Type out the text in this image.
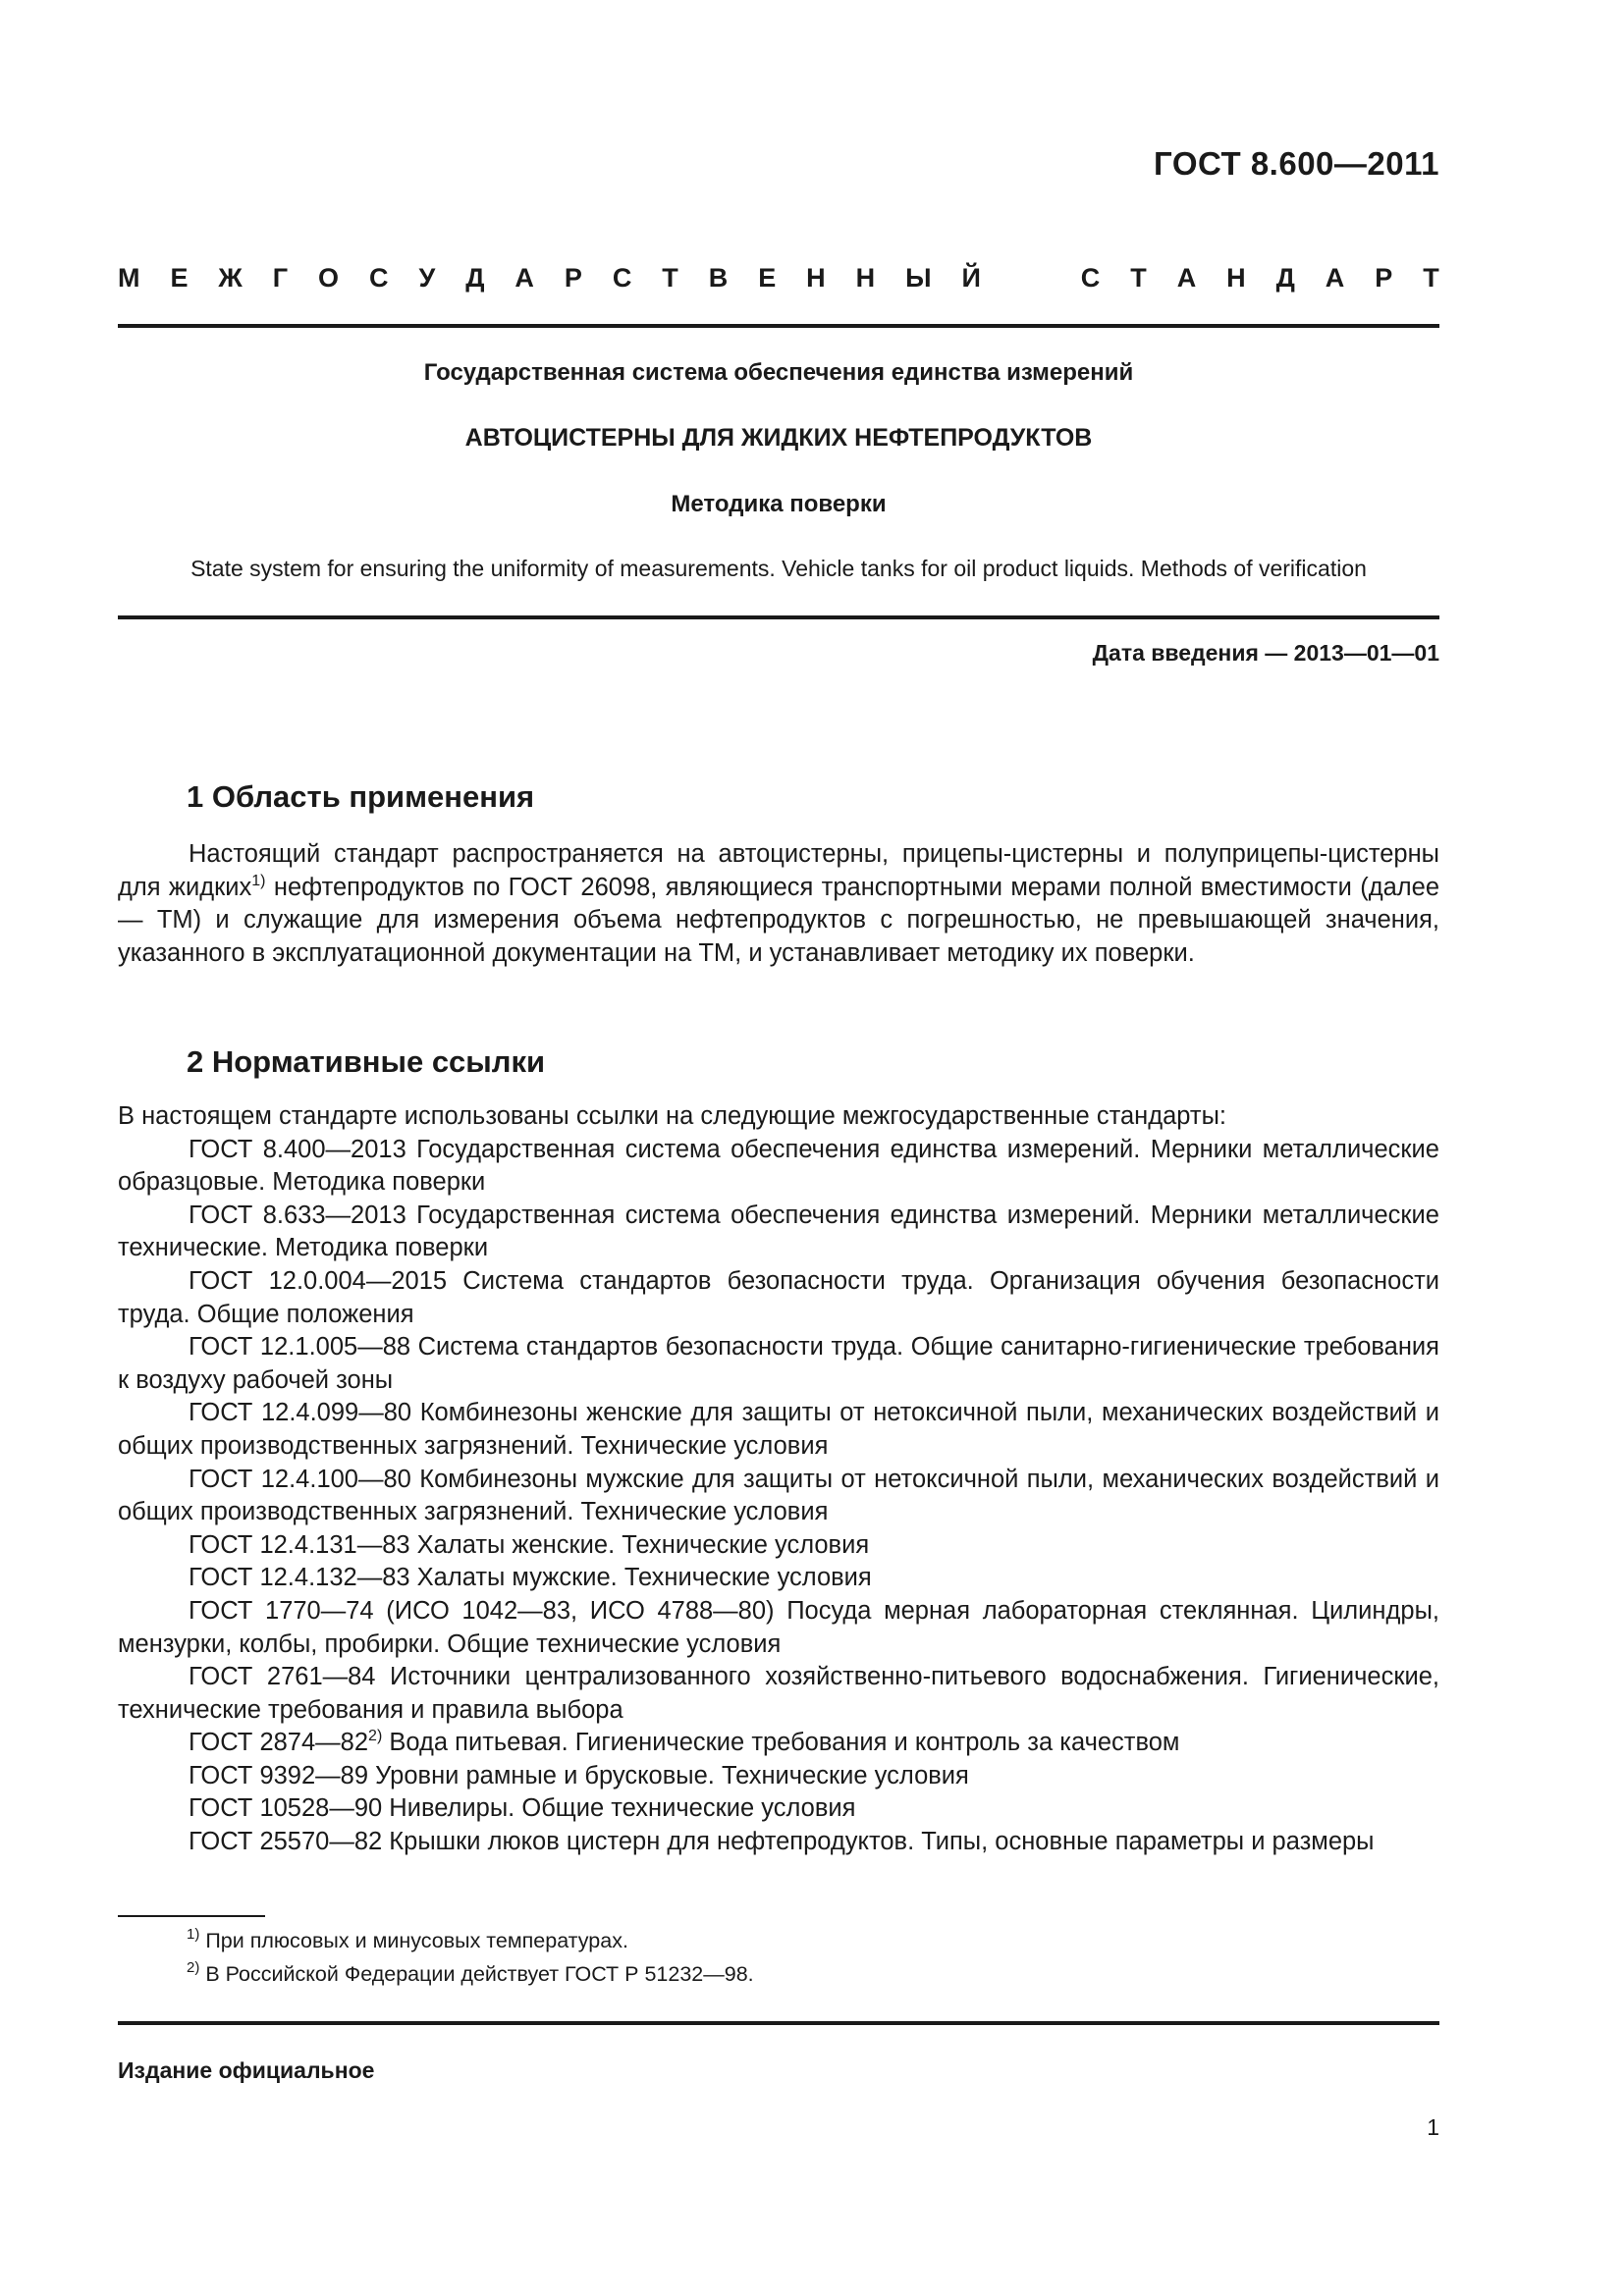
ГОСТ 8.600—2011
М Е Ж Г О С У Д А Р С Т В Е Н Н Ы Й	С Т А Н Д А Р Т
Государственная система обеспечения единства измерений
АВТОЦИСТЕРНЫ ДЛЯ ЖИДКИХ НЕФТЕПРОДУКТОВ
Методика поверки
State system for ensuring the uniformity of measurements. Vehicle tanks for oil product liquids. Methods of verification
Дата введения — 2013—01—01
1 Область применения

Настоящий стандарт распространяется на автоцистерны, прицепы-цистерны и полуприцепы-цистерны для жидких$^{1)}$ нефтепродуктов по ГОСТ 26098, являющиеся транспортными мерами полной вместимости (далее — ТМ) и служащие для измерения объема нефтепродуктов с погрешностью, не превышающей значения, указанного в эксплуатационной документации на ТМ, и устанавливает методику их поверки.

2 Нормативные ссылки

В настоящем стандарте использованы ссылки на следующие межгосударственные стандарты:

ГОСТ 8.400—2013 Государственная система обеспечения единства измерений. Мерники металлические образцовые. Методика поверки

ГОСТ 8.633—2013 Государственная система обеспечения единства измерений. Мерники металлические технические. Методика поверки

ГОСТ 12.0.004—2015 Система стандартов безопасности труда. Организация обучения безопасности труда. Общие положения

ГОСТ 12.1.005—88 Система стандартов безопасности труда. Общие санитарно-гигиенические требования к воздуху рабочей зоны

ГОСТ 12.4.099—80 Комбинезоны женские для защиты от нетоксичной пыли, механических воздействий и общих производственных загрязнений. Технические условия

ГОСТ 12.4.100—80 Комбинезоны мужские для защиты от нетоксичной пыли, механических воздействий и общих производственных загрязнений. Технические условия

ГОСТ 12.4.131—83 Халаты женские. Технические условия

ГОСТ 12.4.132—83 Халаты мужские. Технические условия

ГОСТ 1770—74 (ИСО 1042—83, ИСО 4788—80) Посуда мерная лабораторная стеклянная. Цилиндры, мензурки, колбы, пробирки. Общие технические условия

ГОСТ 2761—84 Источники централизованного хозяйственно-питьевого водоснабжения. Гигиенические, технические требования и правила выбора

ГОСТ 2874—82$^{2)}$ Вода питьевая. Гигиенические требования и контроль за качеством

ГОСТ 9392—89 Уровни рамные и брусковые. Технические условия

ГОСТ 10528—90 Нивелиры. Общие технические условия

ГОСТ 25570—82 Крышки люков цистерн для нефтепродуктов. Типы, основные параметры и размеры

$^{1)}$ При плюсовых и минусовых температурах.
$^{2)}$ В Российской Федерации действует ГОСТ Р 51232—98.
Издание официальное
1
